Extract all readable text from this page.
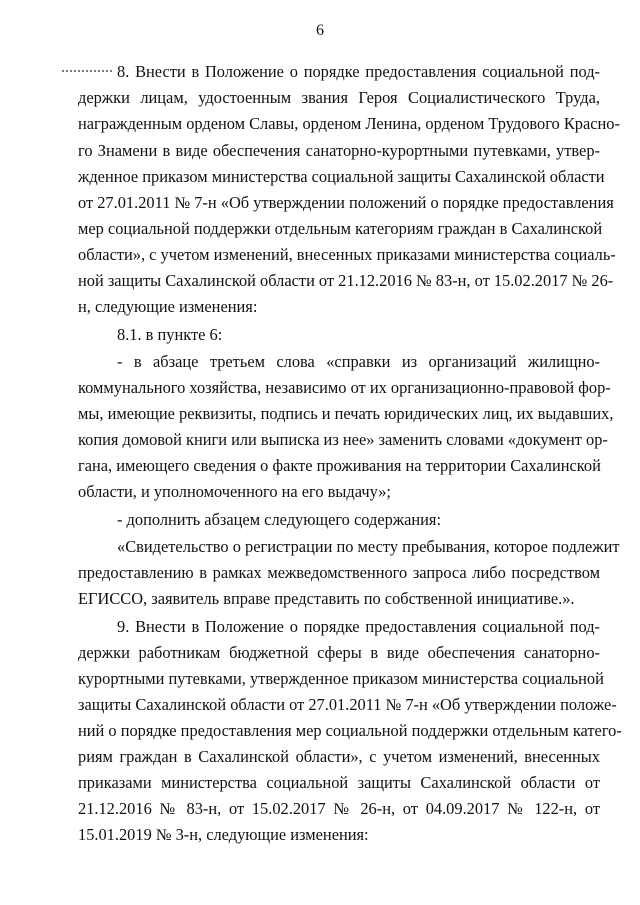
6
8. Внести в Положение о порядке предоставления социальной под-
держки лицам, удостоенным звания Героя Социалистического Труда,
награжденным орденом Славы, орденом Ленина, орденом Трудового Красно-
го Знамени в виде обеспечения санаторно-курортными путевками, утвер-
жденное приказом министерства социальной защиты Сахалинской области
от 27.01.2011 № 7-н «Об утверждении положений о порядке предоставления
мер социальной поддержки отдельным категориям граждан в Сахалинской
области», с учетом изменений, внесенных приказами министерства социаль-
ной защиты Сахалинской области от 21.12.2016 № 83-н, от 15.02.2017 № 26-
н, следующие изменения:
8.1. в пункте 6:
- в абзаце третьем слова «справки из организаций жилищно-
коммунального хозяйства, независимо от их организационно-правовой фор-
мы, имеющие реквизиты, подпись и печать юридических лиц, их выдавших,
копия домовой книги или выписка из нее» заменить словами «документ ор-
гана, имеющего сведения о факте проживания на территории Сахалинской
области, и уполномоченного на его выдачу»;
- дополнить абзацем следующего содержания:
«Свидетельство о регистрации по месту пребывания, которое подлежит
предоставлению в рамках межведомственного запроса либо посредством
ЕГИССО, заявитель вправе представить по собственной инициативе.».
9. Внести в Положение о порядке предоставления социальной под-
держки работникам бюджетной сферы в виде обеспечения санаторно-
курортными путевками, утвержденное приказом министерства социальной
защиты Сахалинской области от 27.01.2011 № 7-н «Об утверждении положе-
ний о порядке предоставления мер социальной поддержки отдельным катего-
риям граждан в Сахалинской области», с учетом изменений, внесенных
приказами министерства социальной защиты Сахалинской области от
21.12.2016 № 83-н, от 15.02.2017 № 26-н, от 04.09.2017 № 122-н, от
15.01.2019 № 3-н, следующие изменения:
